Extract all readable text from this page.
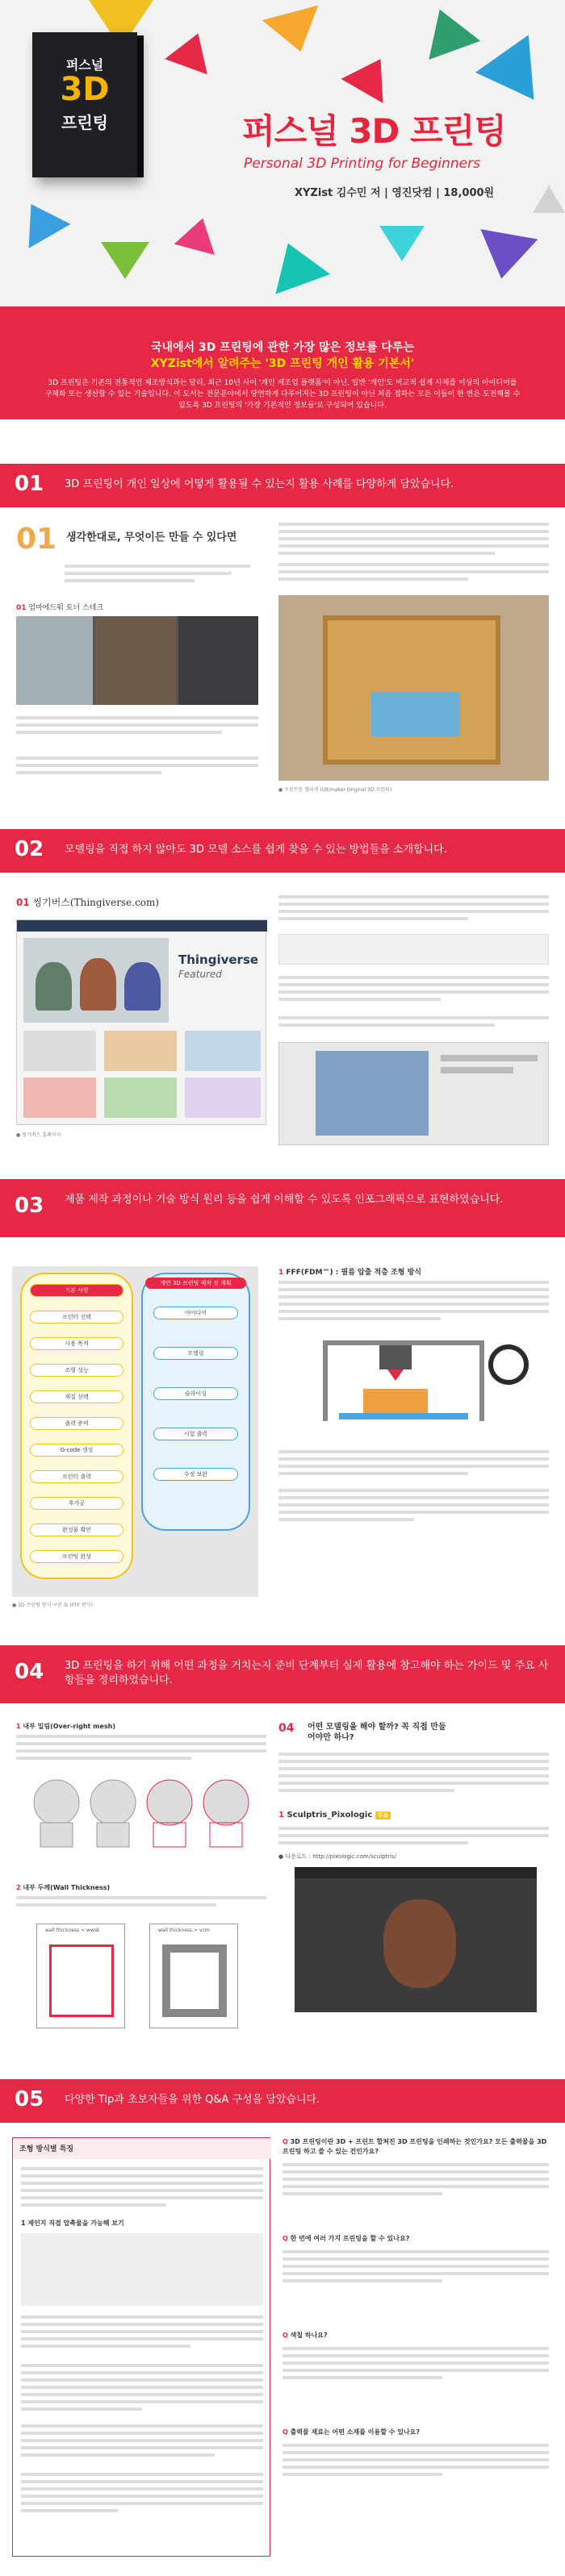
퍼스널
3D
프린팅	퍼스널 3D 프린팅
Personal 3D Printing for Beginners
XYZist 김수민 저 | 영진닷컴 | 18,000원
국내에서 3D 프린팅에 관한 가장 많은 정보를 다루는
XYZist에서 알려주는 '3D 프린팅 개인 활용 기본서'
3D 프린팅은 기존의 전통적인 제조방식과는 달리, 최근 10년 사이 '개인 제조업 플랫폼'이 아닌, 일반 '개인'도 비교적 쉽게 사체를 이상의 아이디어를 구체화 또는 생산할 수 있는 기술입니다. 이 도서는 전문분야에서 당연하게 다루어지는 3D 프린팅이 아닌 처음 접하는 모든 이들이 한 번은 도전해볼 수 있도록 3D 프린팅의 '가장 기본적인 정보들'로 구성되어 있습니다.
01 3D 프린팅이 개인 일상에 어떻게 활용될 수 있는지 활용 사례를 다양하게 담았습니다.
01 생각한대로, 무엇이든 만들 수 있다면
01 엄마에드워 토너 스테크
● 프린트한 헬리퀴 (Ultimaker Original 3D 프린터)
02 모델링을 직접 하지 않아도 3D 모델 소스를 쉽게 찾을 수 있는 방법들을 소개합니다.
01 씽기버스(Thingiverse.com)
Thingiverse
Featured
● 씽기버스 홈페이지
03 제품 제작 과정이나 기술 방식 원리 등을 쉽게 이해할 수 있도록 인포그래픽으로 표현하였습니다.
개인 3D 프린팅 제작 전 계획
기본 사항
프린터 선택
사용 목적
조형 성능
재질 선택
출력 준비
G-code 생성
프린터 출력
후가공
완성물 확인
프린팅 완성
아이디어
모델링
슬라이싱
시험 출력
수정 보완
● 3D 프린팅 방식 구분 표 (FFF 방식)
1 FFF(FDM™) : 필름 압출 적층 조형 방식
04 3D 프린팅을 하기 위해 어떤 과정을 거치는지 준비 단계부터 실제 활용에 참고해야 하는 가이드 및 주요 사항들을 정리하였습니다.
1 내부 밀림(Over-right mesh)
2 내부 두께(Wall Thickness)
wall thickness < wwsk	wall thickness > vcm
04 어떤 모델링을 해야 할까? 꼭 직접 만들어야만 하나?
1 Sculptris_Pixologic 무료
● 다운로드 : http://pixologic.com/sculptris/
05 다양한 Tip과 초보자들을 위한 Q&A 구성을 담았습니다.
조형 방식별 특징
1 제인지 직접 압축물을 가능해 보기
Q 3D 프린팅이란 3D + 프린트 합쳐진 3D 프린팅을 인쇄하는 것인가요? 모든 출력물을 3D 프린팅 하고 쓸 수 있는 건인가요?
Q 한 번에 여러 가지 프린팅을 할 수 있나요?
Q 색칠 하나요?
Q 출력물 재료는 어떤 소재를 이용할 수 있나요?
